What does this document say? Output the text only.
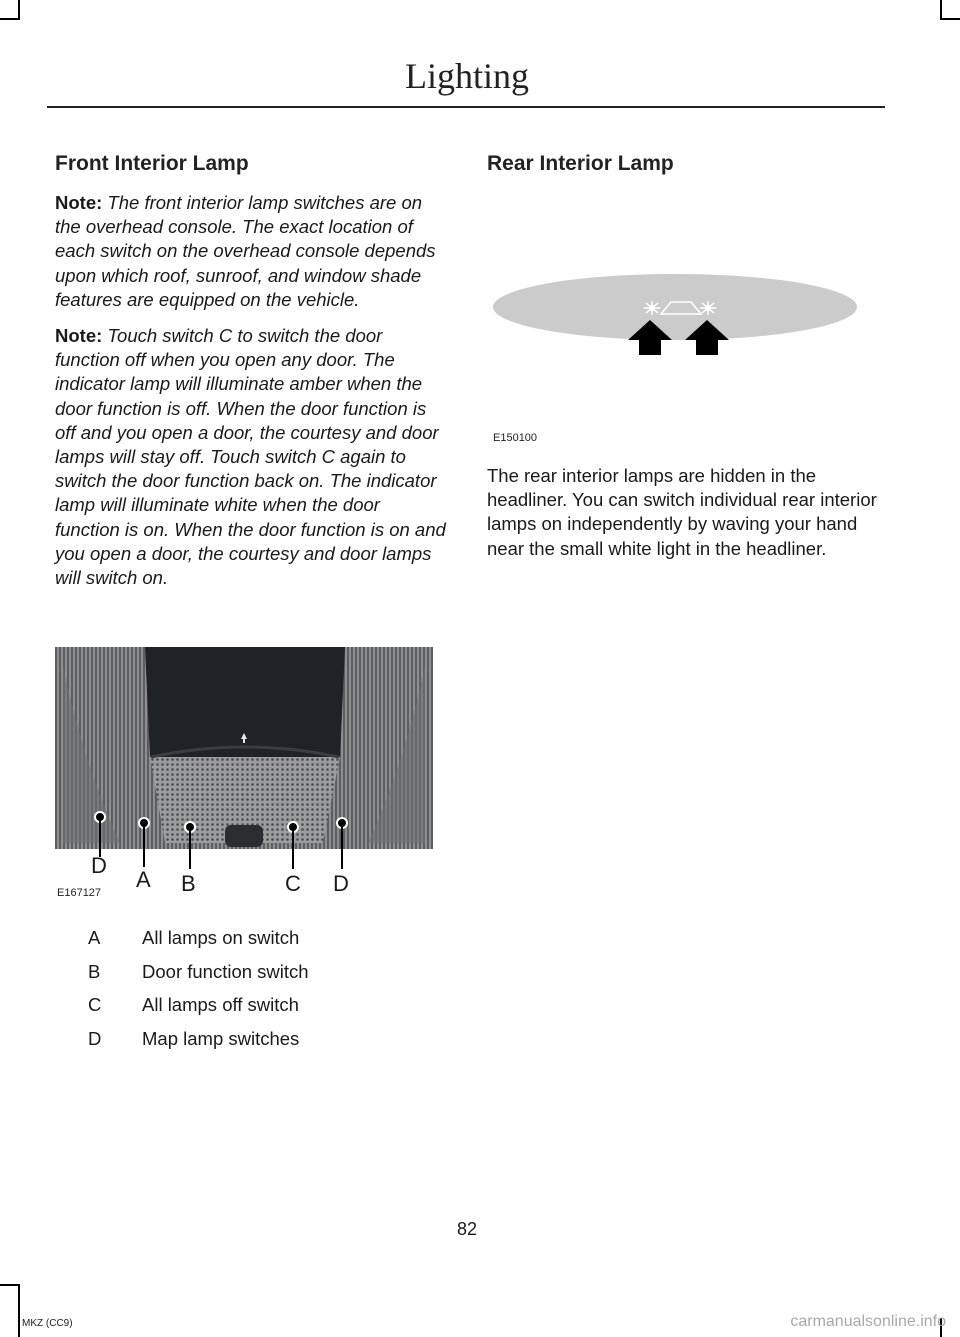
Lighting
Front Interior Lamp

Note: The front interior lamp switches are on the overhead console. The exact location of each switch on the overhead console depends upon which roof, sunroof, and window shade features are equipped on the vehicle.

Note: Touch switch C to switch the door function off when you open any door. The indicator lamp will illuminate amber when the door function is off. When the door function is off and you open a door, the courtesy and door lamps will stay off. Touch switch C again to switch the door function back on. The indicator lamp will illuminate white when the door function is on. When the door function is on and you open a door, the courtesy and door lamps will switch on.

D
A B	C D
E167127
A	All lamps on switch
B	Door function switch
C	All lamps off switch
D	Map lamp switches
Rear Interior Lamp
E150100

The rear interior lamps are hidden in the headliner. You can switch individual rear interior lamps on independently by waving your hand near the small white light in the headliner.

82
MKZ (CC9)	carmanualsonline.info
